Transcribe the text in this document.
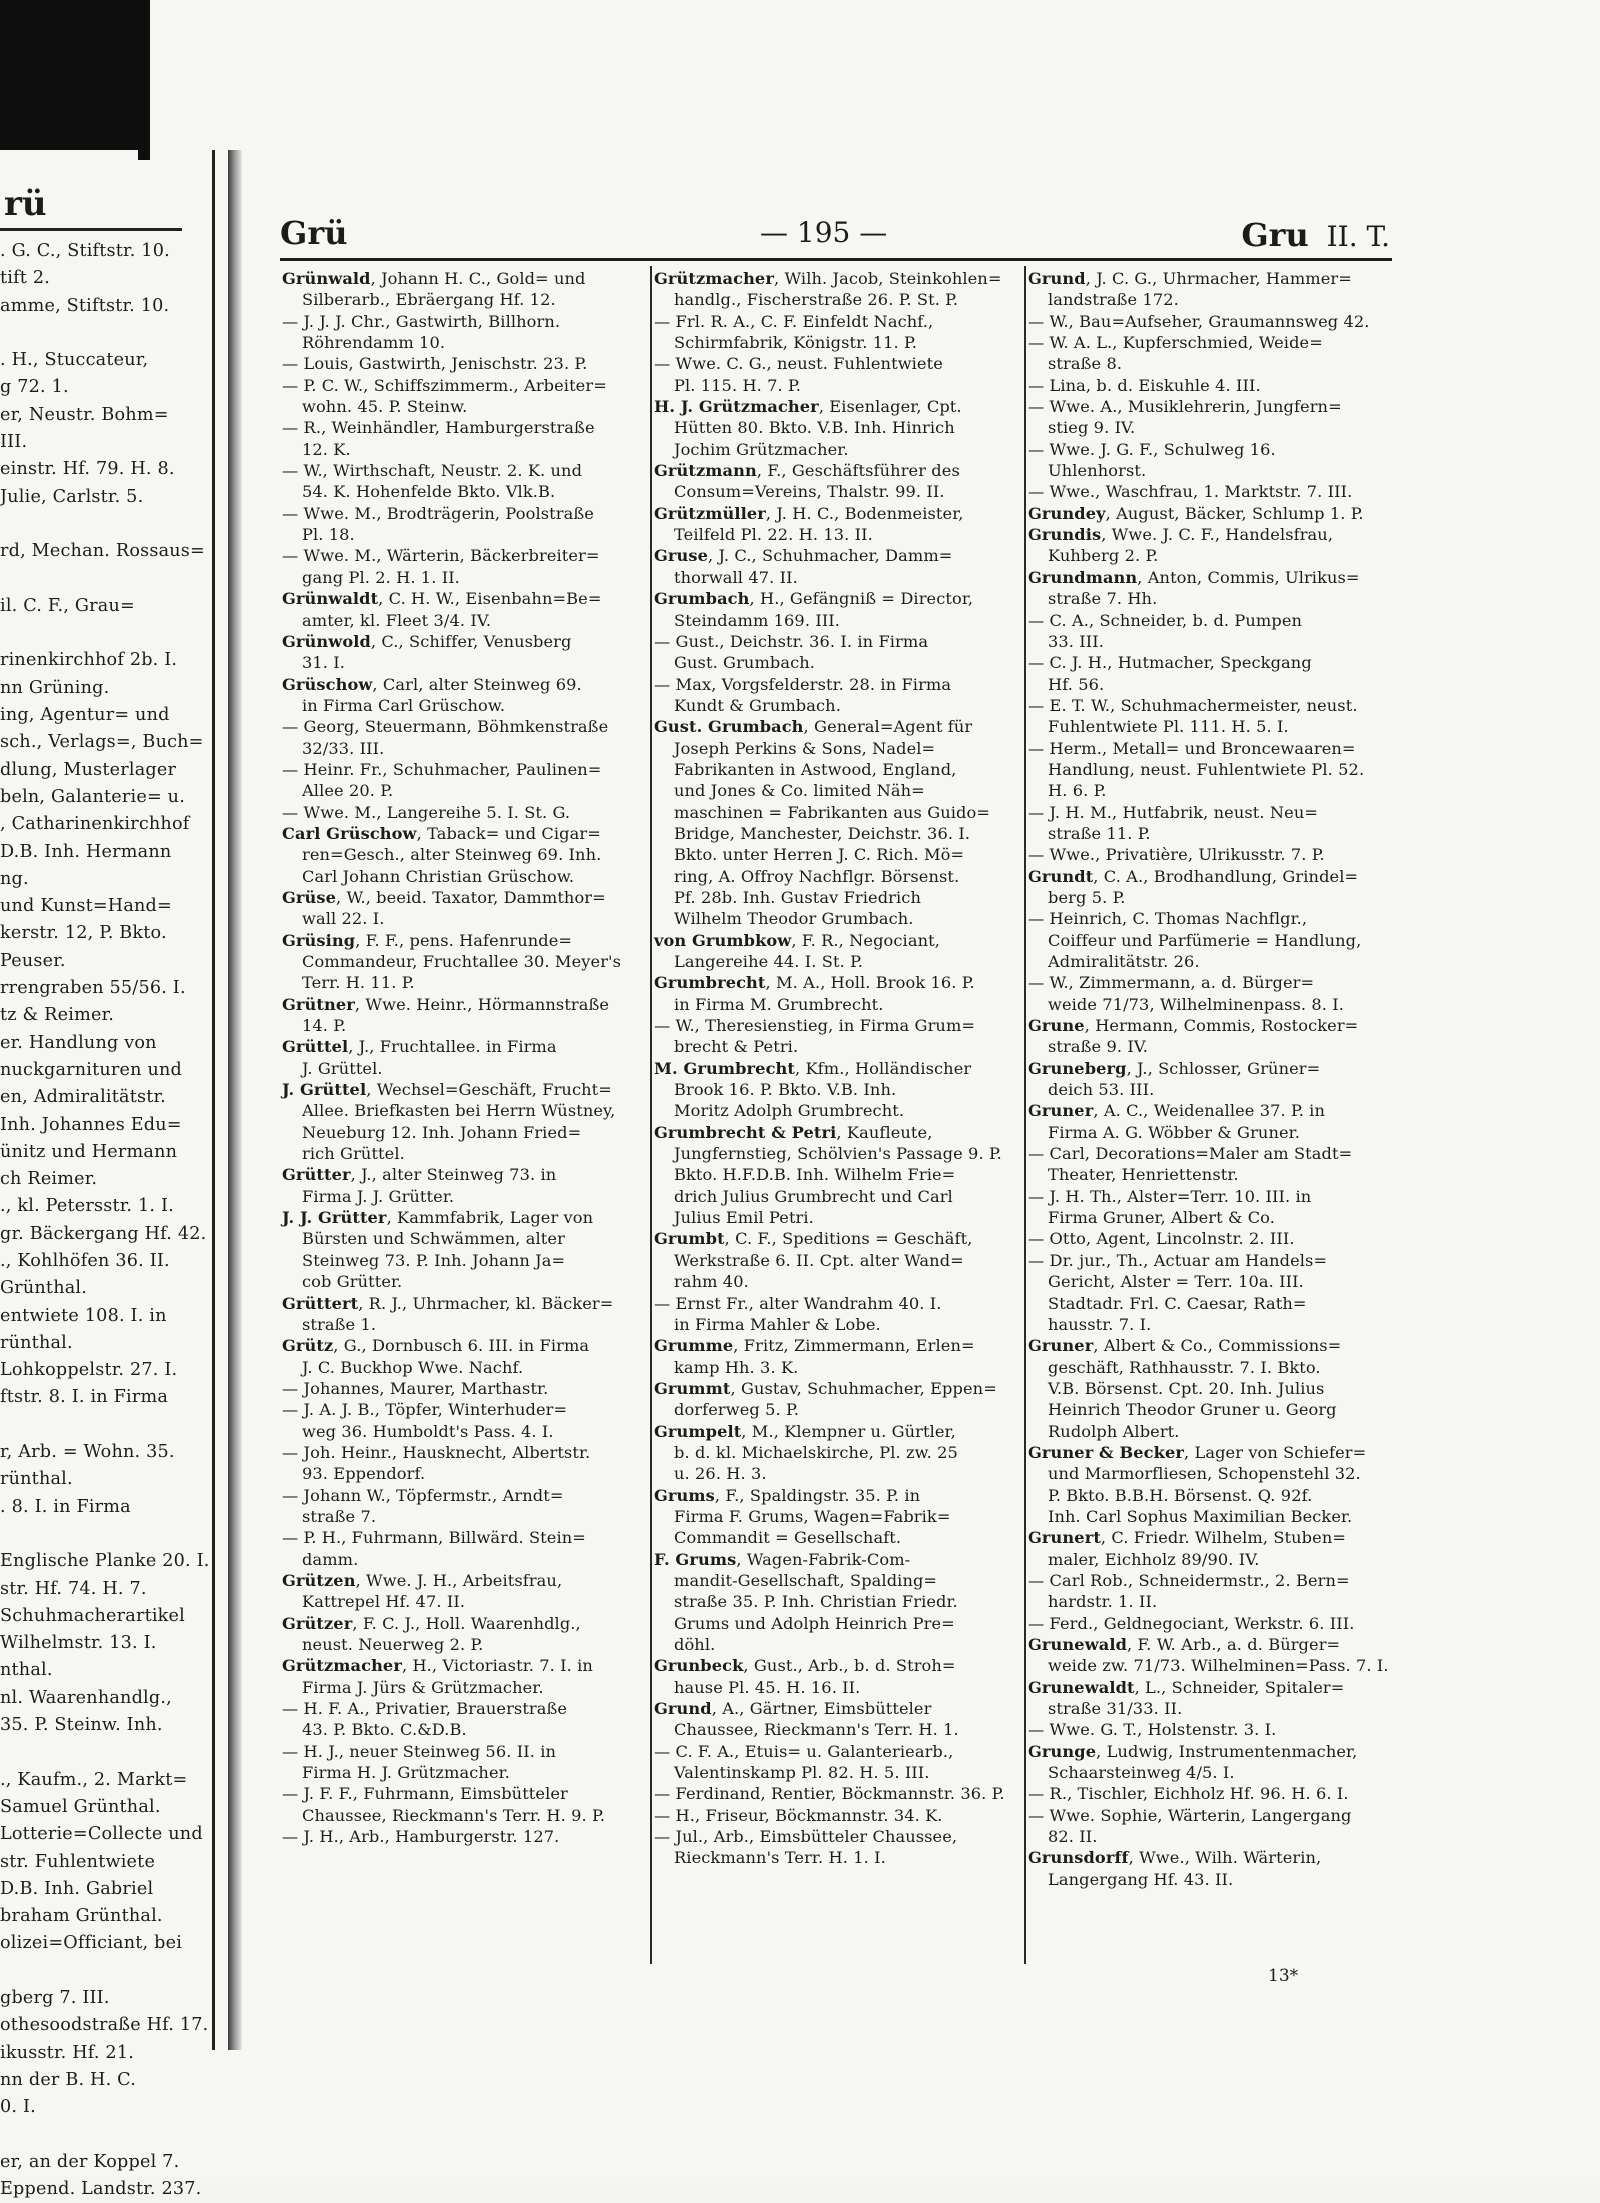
rü
. G. C., Stiftstr. 10.
tift 2.
amme, Stiftstr. 10.

. H., Stuccateur,
g 72. 1.
er, Neustr. Bohm=
III.
einstr. Hf. 79. H. 8.
Julie, Carlstr. 5.

rd, Mechan. Rossaus=

il. C. F., Grau=

rinenkirchhof 2b. I.
nn Grüning.
ing, Agentur= und
sch., Verlags=, Buch=
dlung, Musterlager
beln, Galanterie= u.
, Catharinenkirchhof
D.B. Inh. Hermann
ng.
und Kunst=Hand=
kerstr. 12, P. Bkto.
Peuser.
rrengraben 55/56. I.
tz & Reimer.
er. Handlung von
nuckgarnituren und
en, Admiralitätstr.
Inh. Johannes Edu=
ünitz und Hermann
ch Reimer.
., kl. Petersstr. 1. I.
gr. Bäckergang Hf. 42.
., Kohlhöfen 36. II.
Grünthal.
entwiete 108. I. in
rünthal.
Lohkoppelstr. 27. I.
ftstr. 8. I. in Firma

r, Arb. = Wohn. 35.
rünthal.
. 8. I. in Firma

Englische Planke 20. I.
str. Hf. 74. H. 7.
Schuhmacherartikel
Wilhelmstr. 13. I.
nthal.
nl. Waarenhandlg.,
35. P. Steinw. Inh.

., Kaufm., 2. Markt=
Samuel Grünthal.
Lotterie=Collecte und
str. Fuhlentwiete
D.B. Inh. Gabriel
braham Grünthal.
olizei=Officiant, bei

gberg 7. III.
othesoodstraße Hf. 17.
ikusstr. Hf. 21.
nn der B. H. C.
0. I.

er, an der Koppel 7.
Eppend. Landstr. 237.
Grü	— 195 —	Gru II. T.
Grünwald, Johann H. C., Gold= und
Silberarb., Ebräergang Hf. 12.
— J. J. J. Chr., Gastwirth, Billhorn.
Röhrendamm 10.
— Louis, Gastwirth, Jenischstr. 23. P.
— P. C. W., Schiffszimmerm., Arbeiter=
wohn. 45. P. Steinw.
— R., Weinhändler, Hamburgerstraße
12. K.
— W., Wirthschaft, Neustr. 2. K. und
54. K. Hohenfelde Bkto. Vlk.B.
— Wwe. M., Brodträgerin, Poolstraße
Pl. 18.
— Wwe. M., Wärterin, Bäckerbreiter=
gang Pl. 2. H. 1. II.
Grünwaldt, C. H. W., Eisenbahn=Be=
amter, kl. Fleet 3/4. IV.
Grünwold, C., Schiffer, Venusberg
31. I.
Grüschow, Carl, alter Steinweg 69.
in Firma Carl Grüschow.
— Georg, Steuermann, Böhmkenstraße
32/33. III.
— Heinr. Fr., Schuhmacher, Paulinen=
Allee 20. P.
— Wwe. M., Langereihe 5. I. St. G.
Carl Grüschow, Taback= und Cigar=
ren=Gesch., alter Steinweg 69. Inh.
Carl Johann Christian Grüschow.
Grüse, W., beeid. Taxator, Dammthor=
wall 22. I.
Grüsing, F. F., pens. Hafenrunde=
Commandeur, Fruchtallee 30. Meyer's
Terr. H. 11. P.
Grütner, Wwe. Heinr., Hörmannstraße
14. P.
Grüttel, J., Fruchtallee. in Firma
J. Grüttel.
J. Grüttel, Wechsel=Geschäft, Frucht=
Allee. Briefkasten bei Herrn Wüstney,
Neueburg 12. Inh. Johann Fried=
rich Grüttel.
Grütter, J., alter Steinweg 73. in
Firma J. J. Grütter.
J. J. Grütter, Kammfabrik, Lager von
Bürsten und Schwämmen, alter
Steinweg 73. P. Inh. Johann Ja=
cob Grütter.
Grüttert, R. J., Uhrmacher, kl. Bäcker=
straße 1.
Grütz, G., Dornbusch 6. III. in Firma
J. C. Buckhop Wwe. Nachf.
— Johannes, Maurer, Marthastr.
— J. A. J. B., Töpfer, Winterhuder=
weg 36. Humboldt's Pass. 4. I.
— Joh. Heinr., Hausknecht, Albertstr.
93. Eppendorf.
— Johann W., Töpfermstr., Arndt=
straße 7.
— P. H., Fuhrmann, Billwärd. Stein=
damm.
Grützen, Wwe. J. H., Arbeitsfrau,
Kattrepel Hf. 47. II.
Grützer, F. C. J., Holl. Waarenhdlg.,
neust. Neuerweg 2. P.
Grützmacher, H., Victoriastr. 7. I. in
Firma J. Jürs & Grützmacher.
— H. F. A., Privatier, Brauerstraße
43. P. Bkto. C.&D.B.
— H. J., neuer Steinweg 56. II. in
Firma H. J. Grützmacher.
— J. F. F., Fuhrmann, Eimsbütteler
Chaussee, Rieckmann's Terr. H. 9. P.
— J. H., Arb., Hamburgerstr. 127.
Grützmacher, Wilh. Jacob, Steinkohlen=
handlg., Fischerstraße 26. P. St. P.
— Frl. R. A., C. F. Einfeldt Nachf.,
Schirmfabrik, Königstr. 11. P.
— Wwe. C. G., neust. Fuhlentwiete
Pl. 115. H. 7. P.
H. J. Grützmacher, Eisenlager, Cpt.
Hütten 80. Bkto. V.B. Inh. Hinrich
Jochim Grützmacher.
Grützmann, F., Geschäftsführer des
Consum=Vereins, Thalstr. 99. II.
Grützmüller, J. H. C., Bodenmeister,
Teilfeld Pl. 22. H. 13. II.
Gruse, J. C., Schuhmacher, Damm=
thorwall 47. II.
Grumbach, H., Gefängniß = Director,
Steindamm 169. III.
— Gust., Deichstr. 36. I. in Firma
Gust. Grumbach.
— Max, Vorgsfelderstr. 28. in Firma
Kundt & Grumbach.
Gust. Grumbach, General=Agent für
Joseph Perkins & Sons, Nadel=
Fabrikanten in Astwood, England,
und Jones & Co. limited Näh=
maschinen = Fabrikanten aus Guido=
Bridge, Manchester, Deichstr. 36. I.
Bkto. unter Herren J. C. Rich. Mö=
ring, A. Offroy Nachflgr. Börsenst.
Pf. 28b. Inh. Gustav Friedrich
Wilhelm Theodor Grumbach.
von Grumbkow, F. R., Negociant,
Langereihe 44. I. St. P.
Grumbrecht, M. A., Holl. Brook 16. P.
in Firma M. Grumbrecht.
— W., Theresienstieg, in Firma Grum=
brecht & Petri.
M. Grumbrecht, Kfm., Holländischer
Brook 16. P. Bkto. V.B. Inh.
Moritz Adolph Grumbrecht.
Grumbrecht & Petri, Kaufleute,
Jungfernstieg, Schölvien's Passage 9. P.
Bkto. H.F.D.B. Inh. Wilhelm Frie=
drich Julius Grumbrecht und Carl
Julius Emil Petri.
Grumbt, C. F., Speditions = Geschäft,
Werkstraße 6. II. Cpt. alter Wand=
rahm 40.
— Ernst Fr., alter Wandrahm 40. I.
in Firma Mahler & Lobe.
Grumme, Fritz, Zimmermann, Erlen=
kamp Hh. 3. K.
Grummt, Gustav, Schuhmacher, Eppen=
dorferweg 5. P.
Grumpelt, M., Klempner u. Gürtler,
b. d. kl. Michaelskirche, Pl. zw. 25
u. 26. H. 3.
Grums, F., Spaldingstr. 35. P. in
Firma F. Grums, Wagen=Fabrik=
Commandit = Gesellschaft.
F. Grums, Wagen-Fabrik-Com-
mandit-Gesellschaft, Spalding=
straße 35. P. Inh. Christian Friedr.
Grums und Adolph Heinrich Pre=
döhl.
Grunbeck, Gust., Arb., b. d. Stroh=
hause Pl. 45. H. 16. II.
Grund, A., Gärtner, Eimsbütteler
Chaussee, Rieckmann's Terr. H. 1.
— C. F. A., Etuis= u. Galanteriearb.,
Valentinskamp Pl. 82. H. 5. III.
— Ferdinand, Rentier, Böckmannstr. 36. P.
— H., Friseur, Böckmannstr. 34. K.
— Jul., Arb., Eimsbütteler Chaussee,
Rieckmann's Terr. H. 1. I.
Grund, J. C. G., Uhrmacher, Hammer=
landstraße 172.
— W., Bau=Aufseher, Graumannsweg 42.
— W. A. L., Kupferschmied, Weide=
straße 8.
— Lina, b. d. Eiskuhle 4. III.
— Wwe. A., Musiklehrerin, Jungfern=
stieg 9. IV.
— Wwe. J. G. F., Schulweg 16.
Uhlenhorst.
— Wwe., Waschfrau, 1. Marktstr. 7. III.
Grundey, August, Bäcker, Schlump 1. P.
Grundis, Wwe. J. C. F., Handelsfrau,
Kuhberg 2. P.
Grundmann, Anton, Commis, Ulrikus=
straße 7. Hh.
— C. A., Schneider, b. d. Pumpen
33. III.
— C. J. H., Hutmacher, Speckgang
Hf. 56.
— E. T. W., Schuhmachermeister, neust.
Fuhlentwiete Pl. 111. H. 5. I.
— Herm., Metall= und Broncewaaren=
Handlung, neust. Fuhlentwiete Pl. 52.
H. 6. P.
— J. H. M., Hutfabrik, neust. Neu=
straße 11. P.
— Wwe., Privatière, Ulrikusstr. 7. P.
Grundt, C. A., Brodhandlung, Grindel=
berg 5. P.
— Heinrich, C. Thomas Nachflgr.,
Coiffeur und Parfümerie = Handlung,
Admiralitätstr. 26.
— W., Zimmermann, a. d. Bürger=
weide 71/73, Wilhelminenpass. 8. I.
Grune, Hermann, Commis, Rostocker=
straße 9. IV.
Gruneberg, J., Schlosser, Grüner=
deich 53. III.
Gruner, A. C., Weidenallee 37. P. in
Firma A. G. Wöbber & Gruner.
— Carl, Decorations=Maler am Stadt=
Theater, Henriettenstr.
— J. H. Th., Alster=Terr. 10. III. in
Firma Gruner, Albert & Co.
— Otto, Agent, Lincolnstr. 2. III.
— Dr. jur., Th., Actuar am Handels=
Gericht, Alster = Terr. 10a. III.
Stadtadr. Frl. C. Caesar, Rath=
hausstr. 7. I.
Gruner, Albert & Co., Commissions=
geschäft, Rathhausstr. 7. I. Bkto.
V.B. Börsenst. Cpt. 20. Inh. Julius
Heinrich Theodor Gruner u. Georg
Rudolph Albert.
Gruner & Becker, Lager von Schiefer=
und Marmorfliesen, Schopenstehl 32.
P. Bkto. B.B.H. Börsenst. Q. 92f.
Inh. Carl Sophus Maximilian Becker.
Grunert, C. Friedr. Wilhelm, Stuben=
maler, Eichholz 89/90. IV.
— Carl Rob., Schneidermstr., 2. Bern=
hardstr. 1. II.
— Ferd., Geldnegociant, Werkstr. 6. III.
Grunewald, F. W. Arb., a. d. Bürger=
weide zw. 71/73. Wilhelminen=Pass. 7. I.
Grunewaldt, L., Schneider, Spitaler=
straße 31/33. II.
— Wwe. G. T., Holstenstr. 3. I.
Grunge, Ludwig, Instrumentenmacher,
Schaarsteinweg 4/5. I.
— R., Tischler, Eichholz Hf. 96. H. 6. I.
— Wwe. Sophie, Wärterin, Langergang
82. II.
Grunsdorff, Wwe., Wilh. Wärterin,
Langergang Hf. 43. II.
13*
